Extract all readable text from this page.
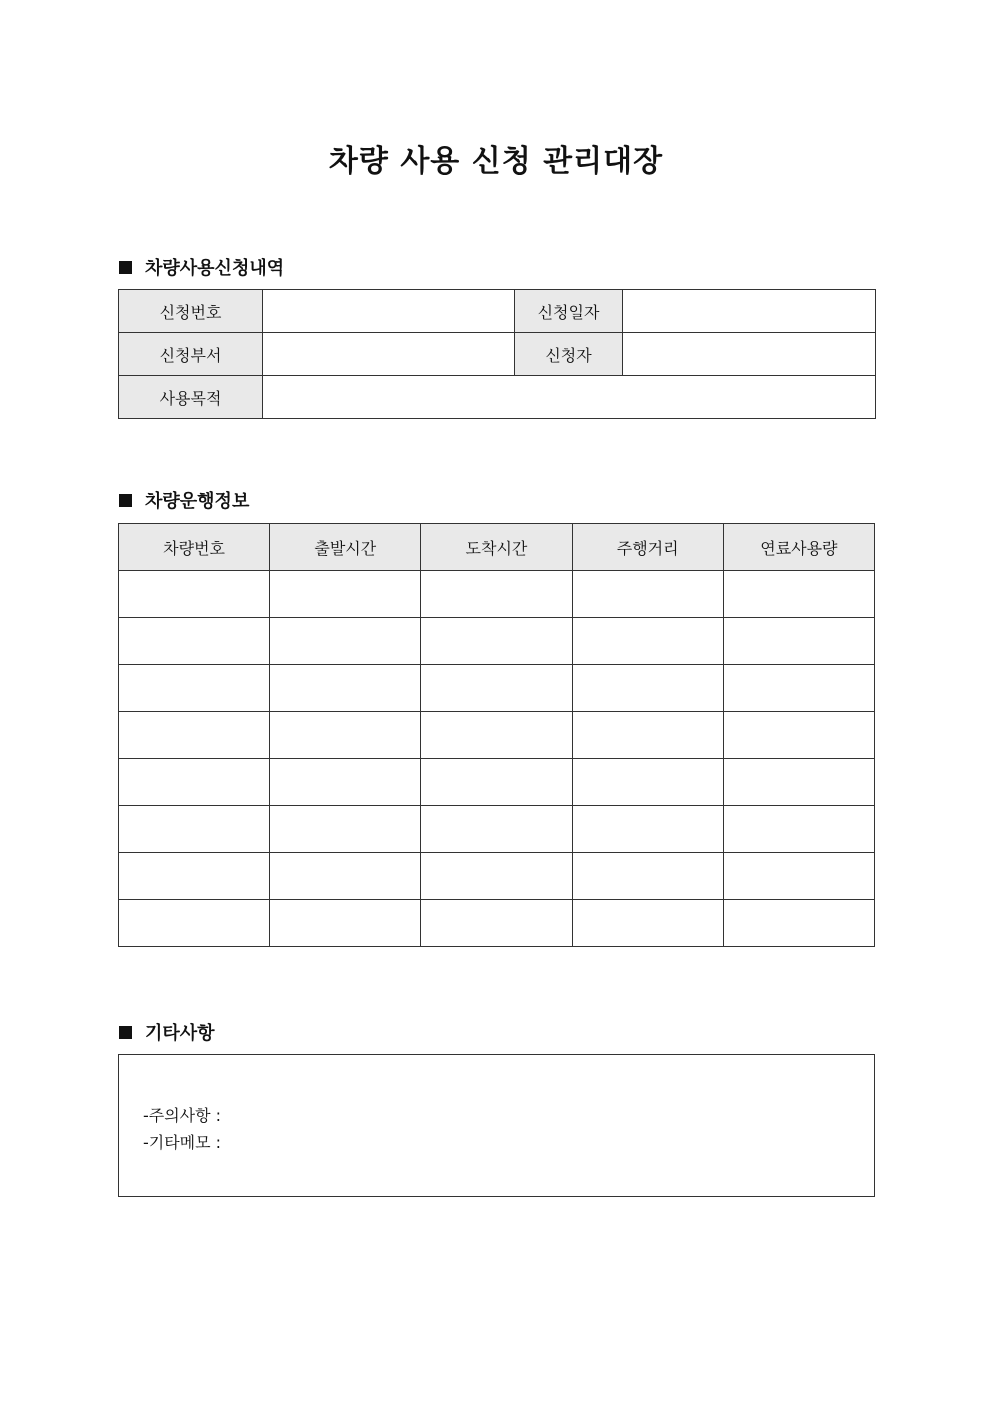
차량 사용 신청 관리대장
차량사용신청내역
신청번호		신청일자	
신청부서		신청자	
사용목적			
차량운행정보
차량번호	출발시간	도착시간	주행거리	연료사용량

기타사항
-주의사항 :
-기타메모 :
